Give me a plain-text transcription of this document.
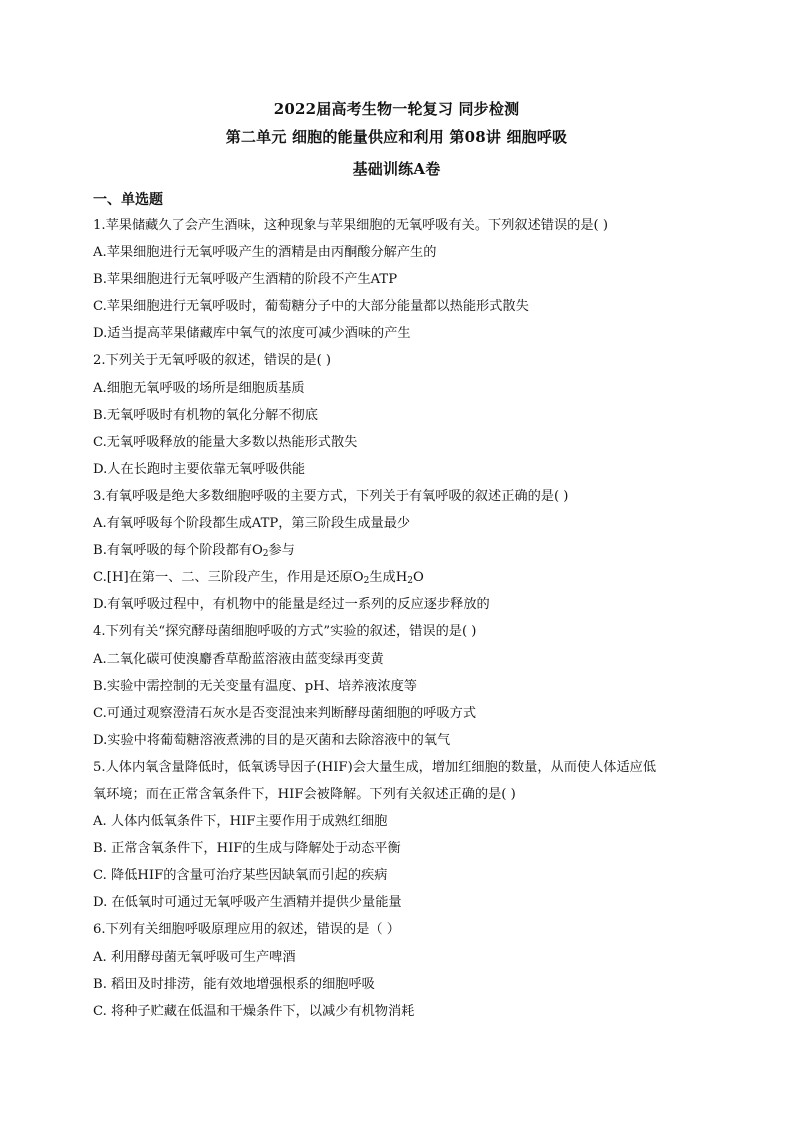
2022届高考生物一轮复习 同步检测
第二单元 细胞的能量供应和利用 第08讲 细胞呼吸
基础训练A卷
一、单选题
1.苹果储藏久了会产生酒味，这种现象与苹果细胞的无氧呼吸有关。下列叙述错误的是( )
A.苹果细胞进行无氧呼吸产生的酒精是由丙酮酸分解产生的
B.苹果细胞进行无氧呼吸产生酒精的阶段不产生ATP
C.苹果细胞进行无氧呼吸时，葡萄糖分子中的大部分能量都以热能形式散失
D.适当提高苹果储藏库中氧气的浓度可减少酒味的产生
2.下列关于无氧呼吸的叙述，错误的是( )
A.细胞无氧呼吸的场所是细胞质基质
B.无氧呼吸时有机物的氧化分解不彻底
C.无氧呼吸释放的能量大多数以热能形式散失
D.人在长跑时主要依靠无氧呼吸供能
3.有氧呼吸是绝大多数细胞呼吸的主要方式，下列关于有氧呼吸的叙述正确的是( )
A.有氧呼吸每个阶段都生成ATP，第三阶段生成量最少
B.有氧呼吸的每个阶段都有$O_2$参与
C.[H]在第一、二、三阶段产生，作用是还原$O_2$生成$H_2O$
D.有氧呼吸过程中，有机物中的能量是经过一系列的反应逐步释放的
4.下列有关“探究酵母菌细胞呼吸的方式”实验的叙述，错误的是( )
A.二氧化碳可使溴麝香草酚蓝溶液由蓝变绿再变黄
B.实验中需控制的无关变量有温度、pH、培养液浓度等
C.可通过观察澄清石灰水是否变混浊来判断酵母菌细胞的呼吸方式
D.实验中将葡萄糖溶液煮沸的目的是灭菌和去除溶液中的氧气
5.人体内氧含量降低时，低氧诱导因子(HIF)会大量生成，增加红细胞的数量，从而使人体适应低
氧环境；而在正常含氧条件下，HIF会被降解。下列有关叙述正确的是( )
A. 人体内低氧条件下，HIF主要作用于成熟红细胞
B. 正常含氧条件下，HIF的生成与降解处于动态平衡
C. 降低HIF的含量可治疗某些因缺氧而引起的疾病
D. 在低氧时可通过无氧呼吸产生酒精并提供少量能量
6.下列有关细胞呼吸原理应用的叙述，错误的是（ ）
A. 利用酵母菌无氧呼吸可生产啤酒
B. 稻田及时排涝，能有效地增强根系的细胞呼吸
C. 将种子贮藏在低温和干燥条件下，以减少有机物消耗
